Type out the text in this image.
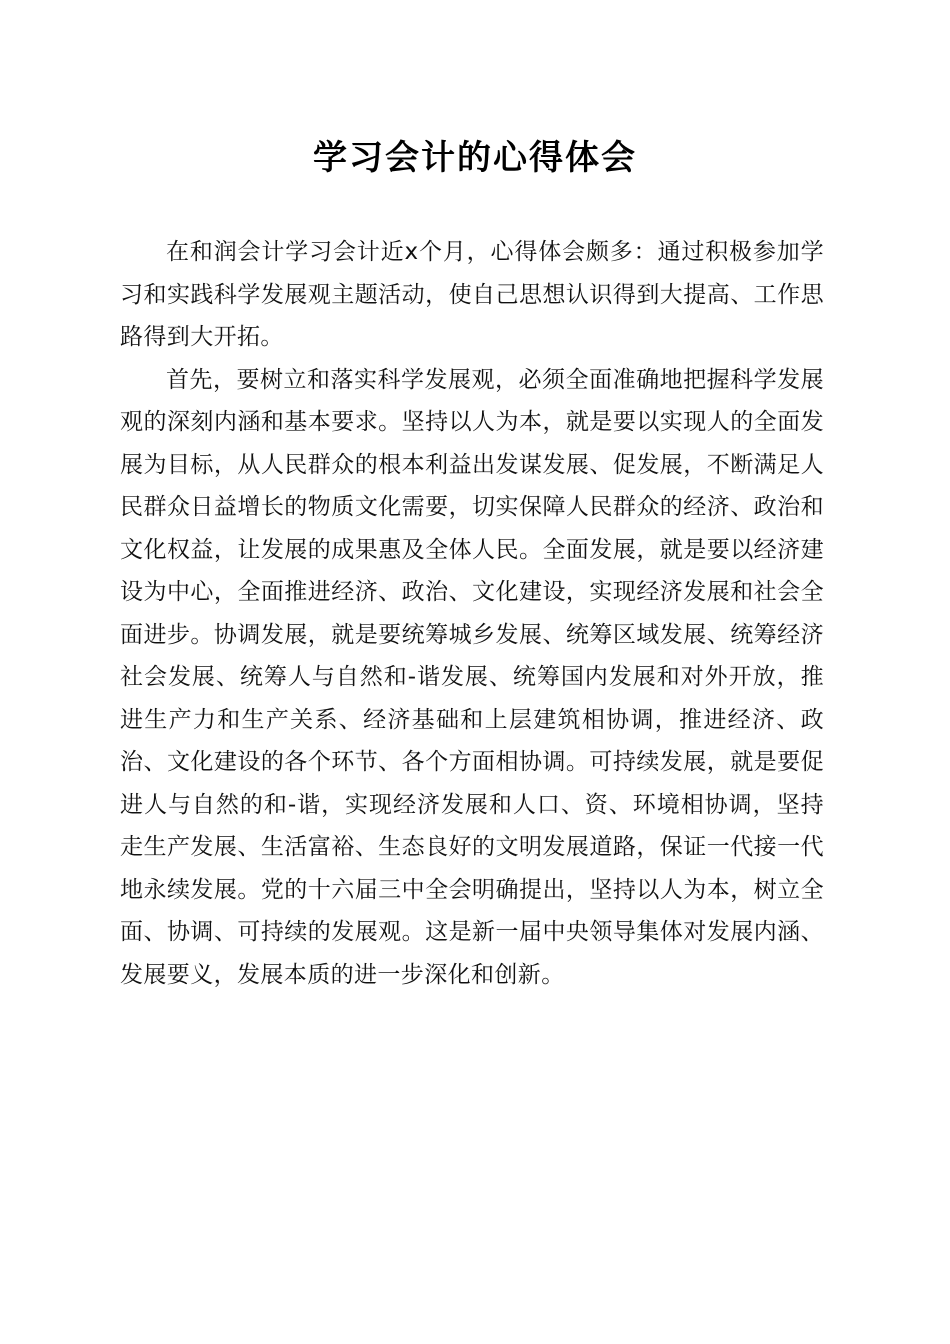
学习会计的心得体会

在和润会计学习会计近x个月，心得体会颇多：通过积极参加学习和实践科学发展观主题活动，使自己思想认识得到大提高、工作思路得到大开拓。

首先，要树立和落实科学发展观，必须全面准确地把握科学发展观的深刻内涵和基本要求。坚持以人为本，就是要以实现人的全面发展为目标，从人民群众的根本利益出发谋发展、促发展，不断满足人民群众日益增长的物质文化需要，切实保障人民群众的经济、政治和文化权益，让发展的成果惠及全体人民。全面发展，就是要以经济建设为中心，全面推进经济、政治、文化建设，实现经济发展和社会全面进步。协调发展，就是要统筹城乡发展、统筹区域发展、统筹经济社会发展、统筹人与自然和-谐发展、统筹国内发展和对外开放，推进生产力和生产关系、经济基础和上层建筑相协调，推进经济、政治、文化建设的各个环节、各个方面相协调。可持续发展，就是要促进人与自然的和-谐，实现经济发展和人口、资、环境相协调，坚持走生产发展、生活富裕、生态良好的文明发展道路，保证一代接一代地永续发展。党的十六届三中全会明确提出，坚持以人为本，树立全面、协调、可持续的发展观。这是新一届中央领导集体对发展内涵、发展要义，发展本质的进一步深化和创新。
